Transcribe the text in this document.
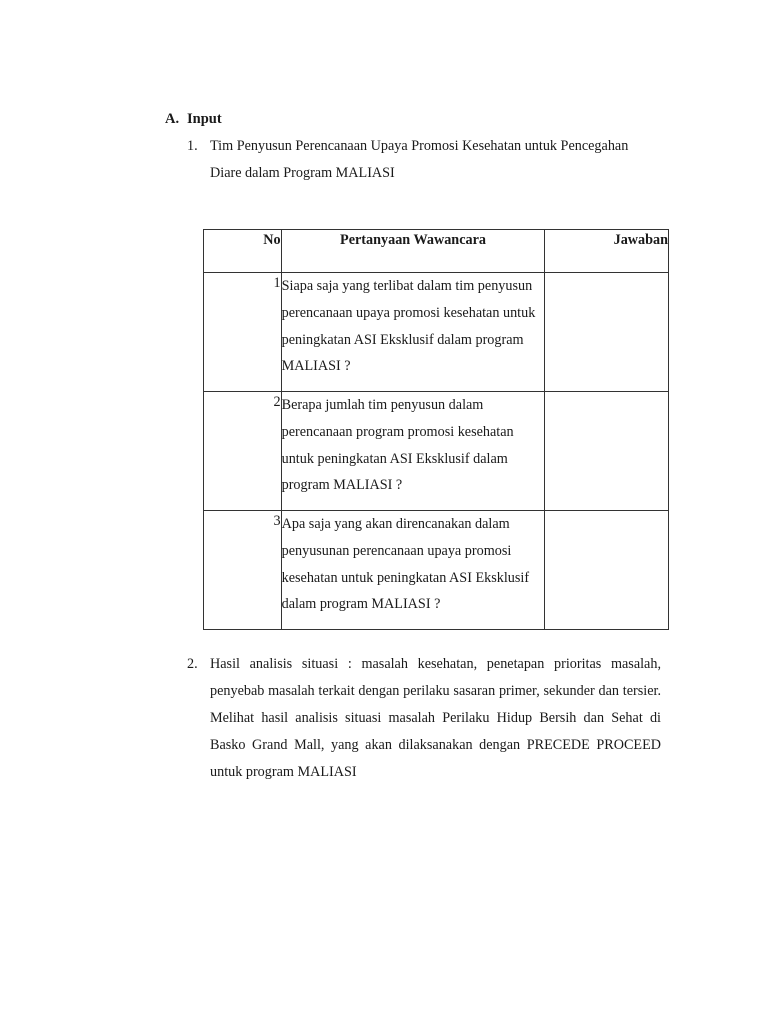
A. Input
1. Tim Penyusun Perencanaan Upaya Promosi Kesehatan untuk Pencegahan Diare dalam Program MALIASI
No	Pertanyaan Wawancara	Jawaban
1	Siapa saja yang terlibat dalam tim penyusun perencanaan upaya promosi kesehatan untuk peningkatan ASI Eksklusif dalam program MALIASI ?	
2	Berapa jumlah tim penyusun dalam perencanaan program promosi kesehatan untuk peningkatan ASI Eksklusif dalam program MALIASI ?	
3	Apa saja yang akan direncanakan dalam penyusunan perencanaan upaya promosi kesehatan untuk peningkatan ASI Eksklusif dalam program MALIASI ?	
2. Hasil analisis situasi : masalah kesehatan, penetapan prioritas masalah, penyebab masalah terkait dengan perilaku sasaran primer, sekunder dan tersier. Melihat hasil analisis situasi masalah Perilaku Hidup Bersih dan Sehat di Basko Grand Mall, yang akan dilaksanakan dengan PRECEDE PROCEED untuk program MALIASI
